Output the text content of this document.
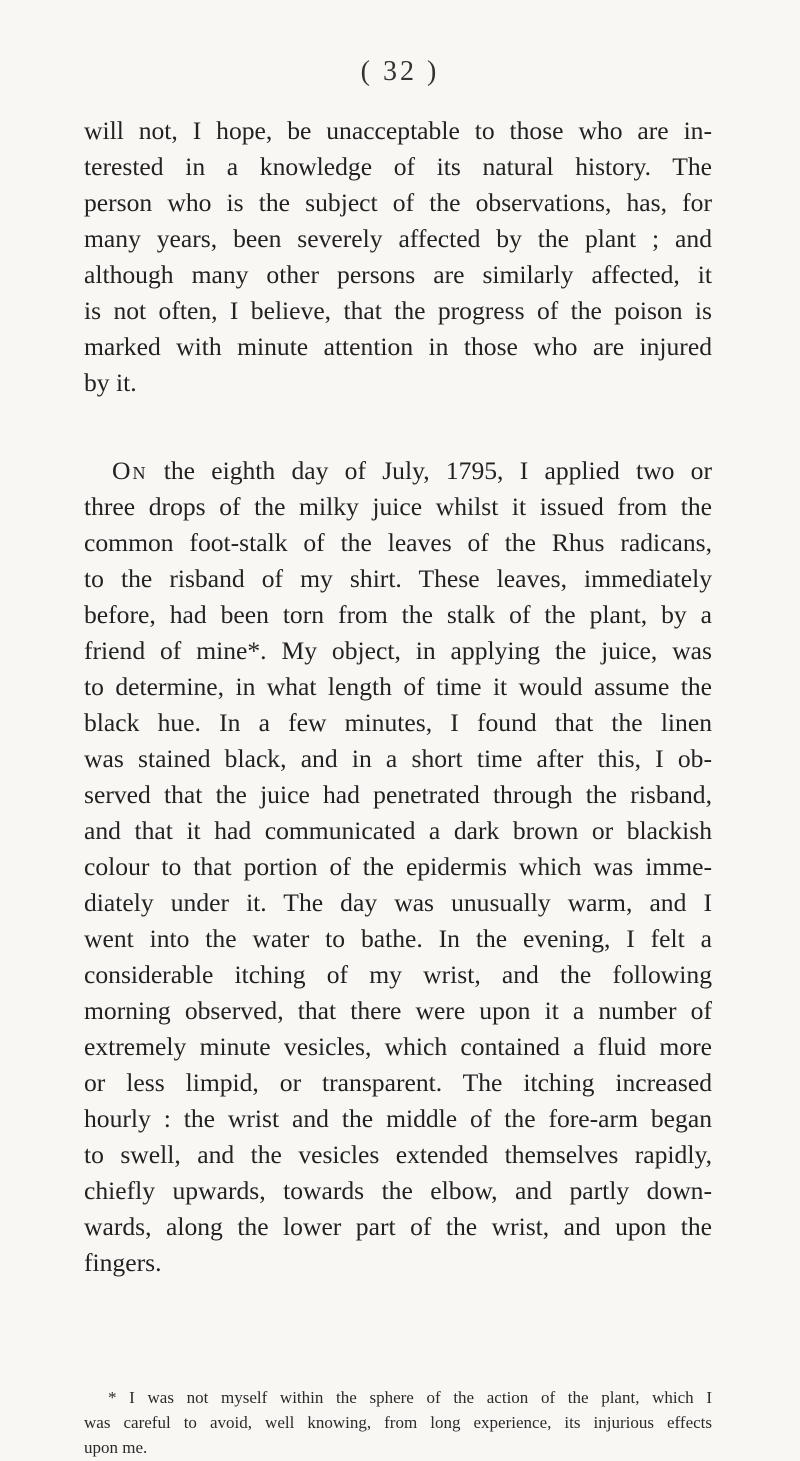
( 32 )
will not, I hope, be unacceptable to those who are in-
terested in a knowledge of its natural history. The
person who is the subject of the observations, has, for
many years, been severely affected by the plant ; and
although many other persons are similarly affected, it
is not often, I believe, that the progress of the poison is
marked with minute attention in those who are injured
by it.
On the eighth day of July, 1795, I applied two or
three drops of the milky juice whilst it issued from the
common foot-stalk of the leaves of the Rhus radicans,
to the risband of my shirt. These leaves, immediately
before, had been torn from the stalk of the plant, by a
friend of mine*. My object, in applying the juice, was
to determine, in what length of time it would assume the
black hue. In a few minutes, I found that the linen
was stained black, and in a short time after this, I ob-
served that the juice had penetrated through the risband,
and that it had communicated a dark brown or blackish
colour to that portion of the epidermis which was imme-
diately under it. The day was unusually warm, and I
went into the water to bathe. In the evening, I felt a
considerable itching of my wrist, and the following
morning observed, that there were upon it a number of
extremely minute vesicles, which contained a fluid more
or less limpid, or transparent. The itching increased
hourly : the wrist and the middle of the fore-arm began
to swell, and the vesicles extended themselves rapidly,
chiefly upwards, towards the elbow, and partly down-
wards, along the lower part of the wrist, and upon the
fingers.
* I was not myself within the sphere of the action of the plant, which I
was careful to avoid, well knowing, from long experience, its injurious effects
upon me.
